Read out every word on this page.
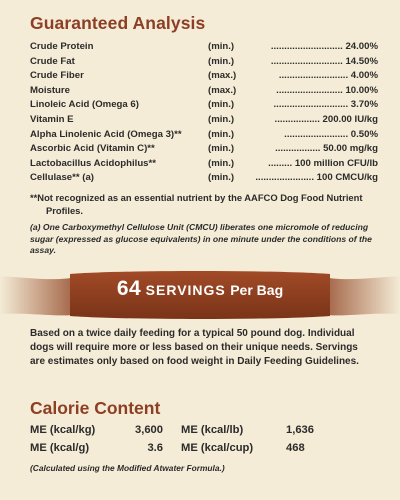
Guaranteed Analysis
Crude Protein	(min.)	........................... 24.00%
Crude Fat	(min.)	........................... 14.50%
Crude Fiber	(max.)	.......................... 4.00%
Moisture	(max.)	......................... 10.00%
Linoleic Acid (Omega 6)	(min.)	............................ 3.70%
Vitamin E	(min.)	................. 200.00 IU/kg
Alpha Linolenic Acid (Omega 3)**	(min.)	........................ 0.50%
Ascorbic Acid (Vitamin C)**	(min.)	................. 50.00 mg/kg
Lactobacillus Acidophilus**	(min.)	......... 100 million CFU/lb
Cellulase** (a)	(min.) ...................... 100 CMCU/kg
**Not recognized as an essential nutrient by the AAFCO Dog Food Nutrient Profiles.
(a) One Carboxymethyl Cellulose Unit (CMCU) liberates one micromole of reducing sugar (expressed as glucose equivalents) in one minute under the conditions of the assay.
64 SERVINGS Per Bag
Based on a twice daily feeding for a typical 50 pound dog. Individual dogs will require more or less based on their unique needs. Servings are estimates only based on food weight in Daily Feeding Guidelines.
Calorie Content
ME (kcal/kg)	3,600 ME (kcal/lb)	1,636
ME (kcal/g)	3.6 ME (kcal/cup)	468
(Calculated using the Modified Atwater Formula.)
